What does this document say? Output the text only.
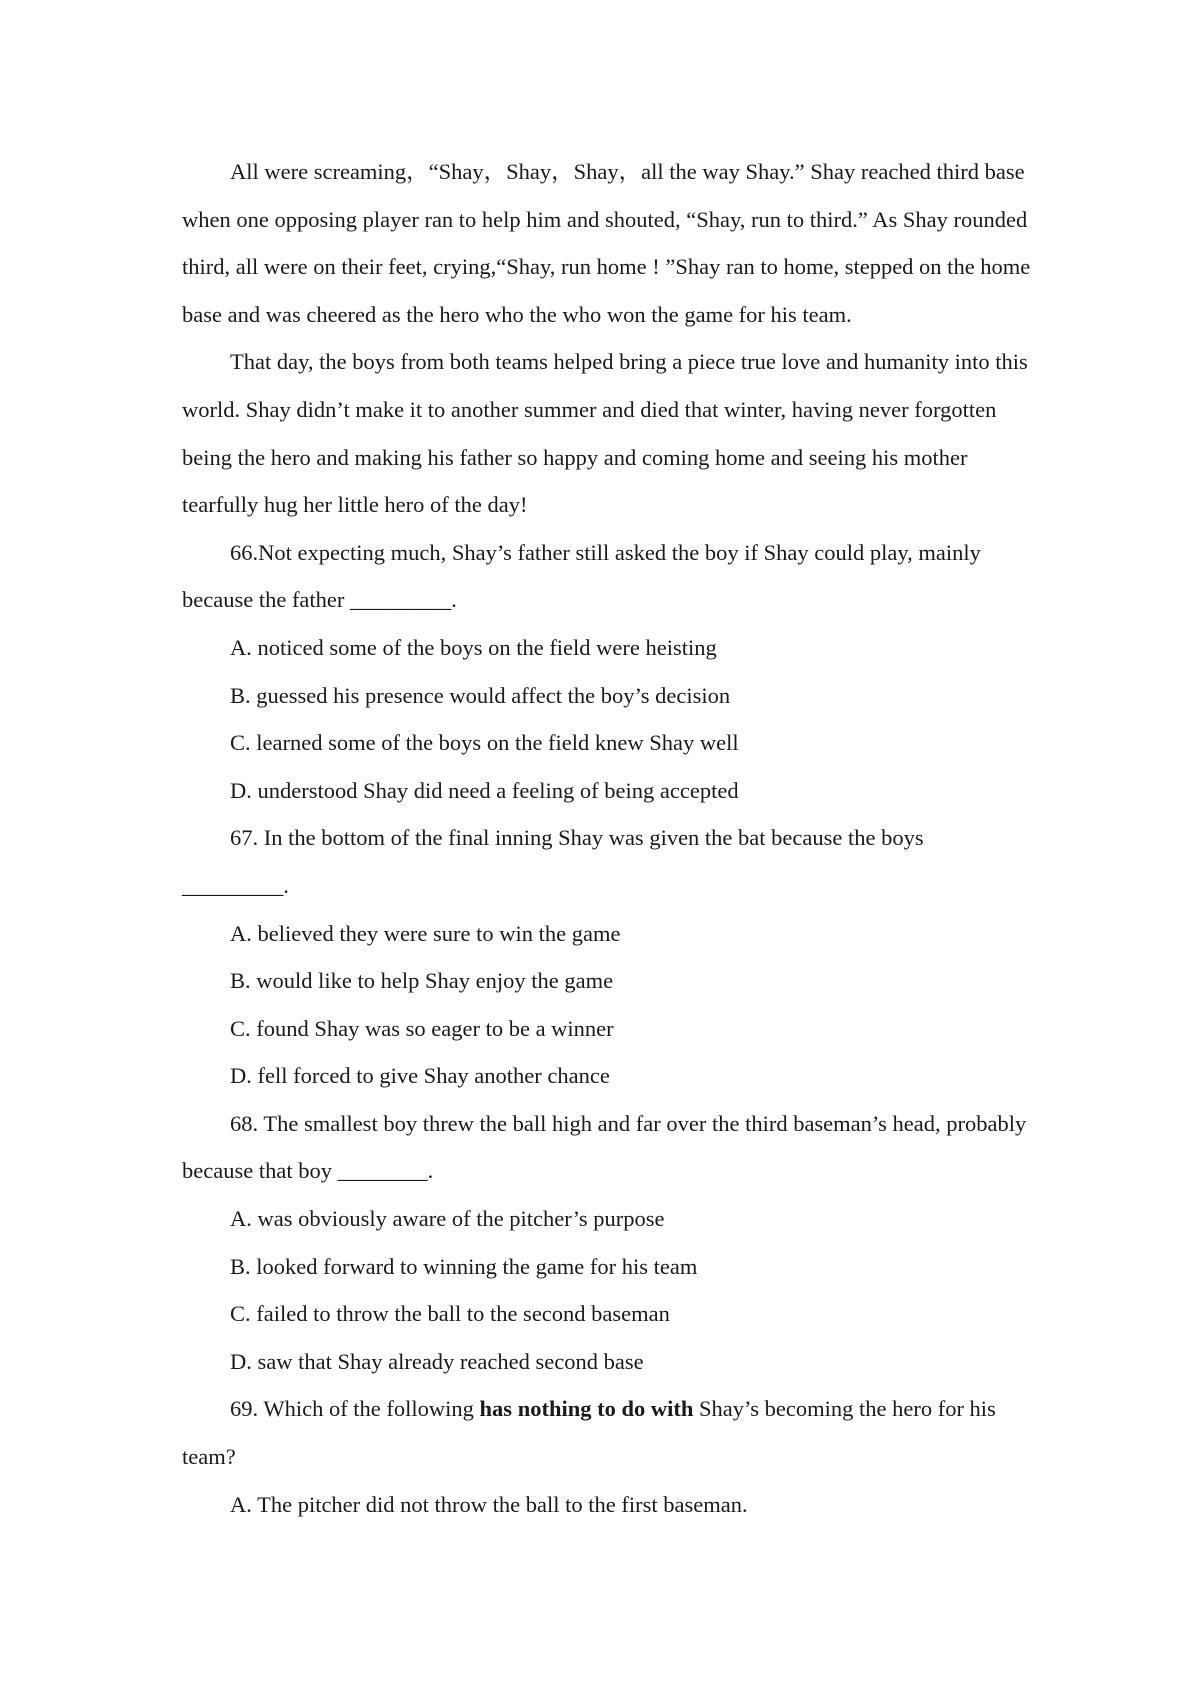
All were screaming，“Shay，Shay，Shay，all the way Shay.” Shay reached third base when one opposing player ran to help him and shouted, “Shay, run to third.” As Shay rounded third, all were on their feet, crying,“Shay, run home ! ”Shay ran to home, stepped on the home base and was cheered as the hero who the who won the game for his team.

That day, the boys from both teams helped bring a piece true love and humanity into this world. Shay didn’t make it to another summer and died that winter, having never forgotten being the hero and making his father so happy and coming home and seeing his mother tearfully hug her little hero of the day!

66.Not expecting much, Shay’s father still asked the boy if Shay could play, mainly because the father _________.

A. noticed some of the boys on the field were heisting

B. guessed his presence would affect the boy’s decision

C. learned some of the boys on the field knew Shay well

D. understood Shay did need a feeling of being accepted

67. In the bottom of the final inning Shay was given the bat because the boys

_________.

A. believed they were sure to win the game

B. would like to help Shay enjoy the game

C. found Shay was so eager to be a winner

D. fell forced to give Shay another chance

68. The smallest boy threw the ball high and far over the third baseman’s head, probably because that boy ________.

A. was obviously aware of the pitcher’s purpose

B. looked forward to winning the game for his team

C. failed to throw the ball to the second baseman

D. saw that Shay already reached second base

69. Which of the following has nothing to do with Shay’s becoming the hero for his team?

A. The pitcher did not throw the ball to the first baseman.
